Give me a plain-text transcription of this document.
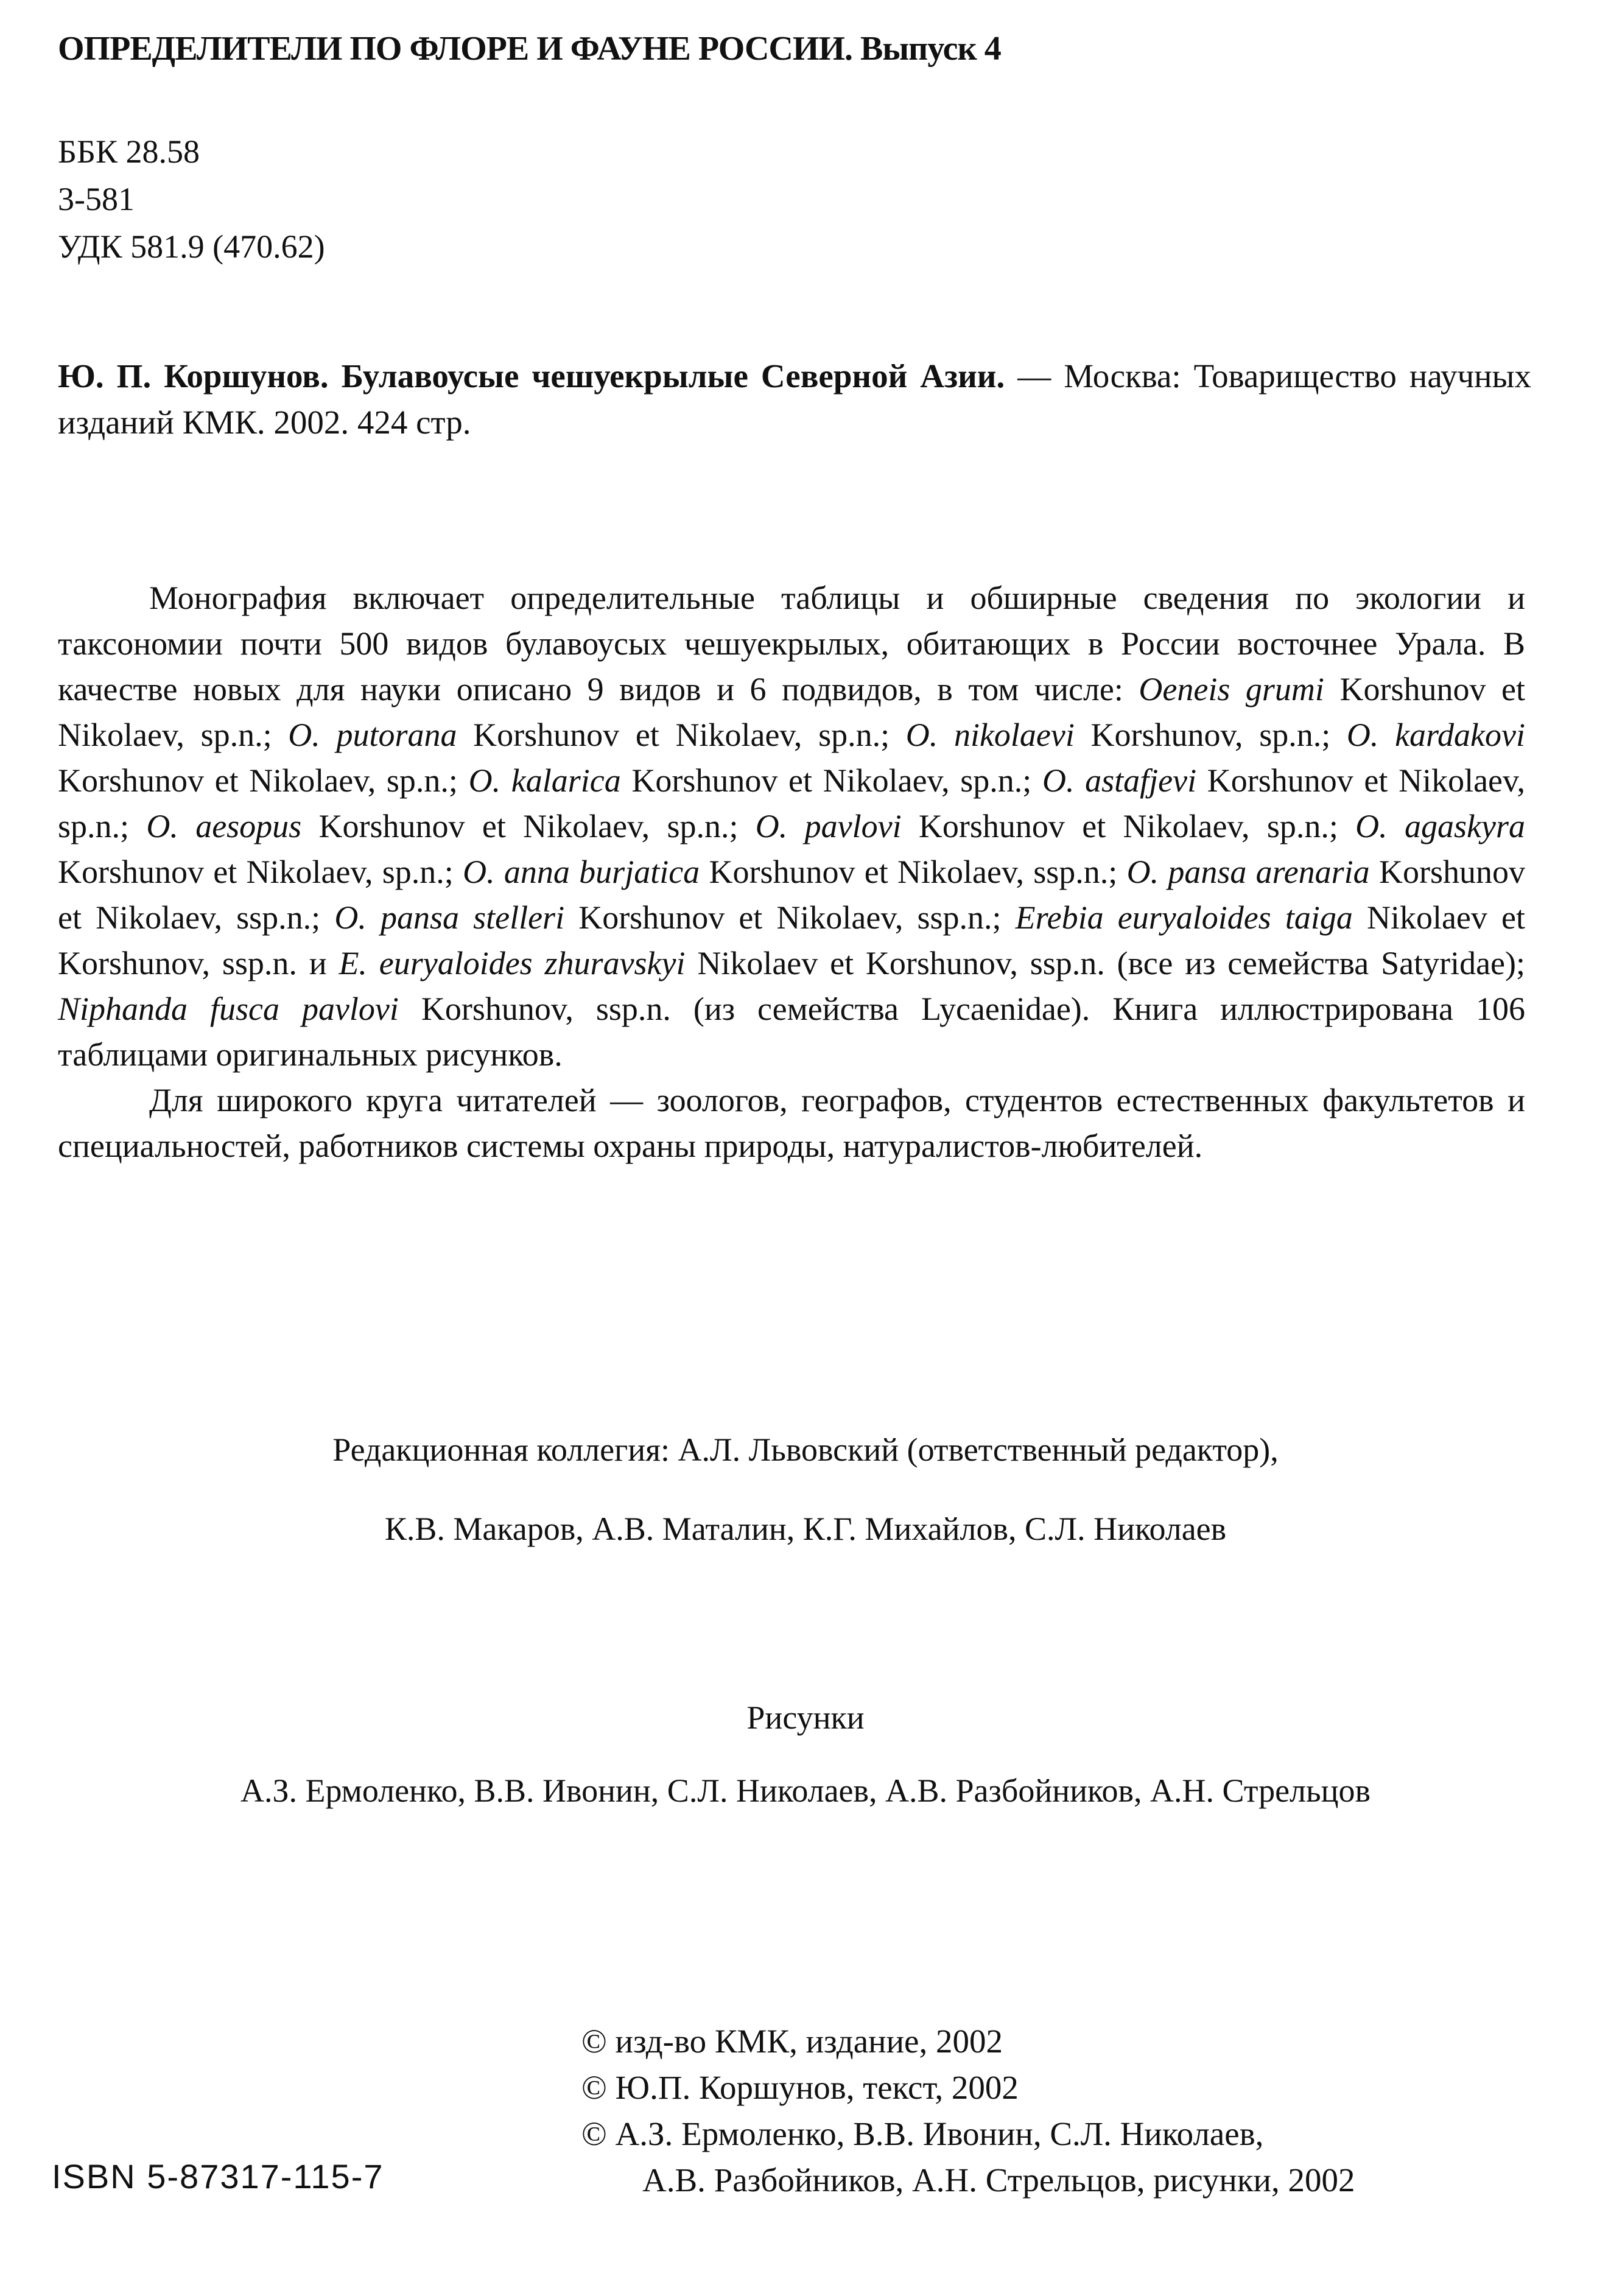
ОПРЕДЕЛИТЕЛИ ПО ФЛОРЕ И ФАУНЕ РОССИИ. Выпуск 4
ББК 28.58
3-581
УДК 581.9 (470.62)
Ю. П. Коршунов. Булавоусые чешуекрылые Северной Азии. — Москва: Товарищество научных изданий КМК. 2002. 424 стр.

Монография включает определительные таблицы и обширные сведения по экологии и таксономии почти 500 видов булавоусых чешуекрылых, обитающих в России восточнее Урала. В качестве новых для науки описано 9 видов и 6 подвидов, в том числе: Oeneis grumi Korshunov et Nikolaev, sp.n.; O. putorana Korshunov et Nikolaev, sp.n.; O. nikolaevi Korshunov, sp.n.; O. kardakovi Korshunov et Nikolaev, sp.n.; O. kalarica Korshunov et Nikolaev, sp.n.; O. astafjevi Korshunov et Nikolaev, sp.n.; O. aesopus Korshunov et Nikolaev, sp.n.; O. pavlovi Korshunov et Nikolaev, sp.n.; O. agaskyra Korshunov et Nikolaev, sp.n.; O. anna burjatica Korshunov et Nikolaev, ssp.n.; O. pansa arenaria Korshunov et Nikolaev, ssp.n.; O. pansa stelleri Korshunov et Nikolaev, ssp.n.; Erebia euryaloides taiga Nikolaev et Korshunov, ssp.n. и E. euryaloides zhuravskyi Nikolaev et Korshunov, ssp.n. (все из семейства Satyridae); Niphanda fusca pavlovi Korshunov, ssp.n. (из семейства Lycaenidae). Книга иллюстрирована 106 таблицами оригинальных рисунков.

Для широкого круга читателей — зоологов, географов, студентов естественных факультетов и специальностей, работников системы охраны природы, натуралистов-любителей.

Редакционная коллегия: А.Л. Львовский (ответственный редактор),
К.В. Макаров, А.В. Маталин, К.Г. Михайлов, С.Л. Николаев
Рисунки
А.З. Ермоленко, В.В. Ивонин, С.Л. Николаев, А.В. Разбойников, А.Н. Стрельцов
© изд-во КМК, издание, 2002
© Ю.П. Коршунов, текст, 2002
© А.З. Ермоленко, В.В. Ивонин, С.Л. Николаев,
А.В. Разбойников, А.Н. Стрельцов, рисунки, 2002
ISBN 5-87317-115-7
